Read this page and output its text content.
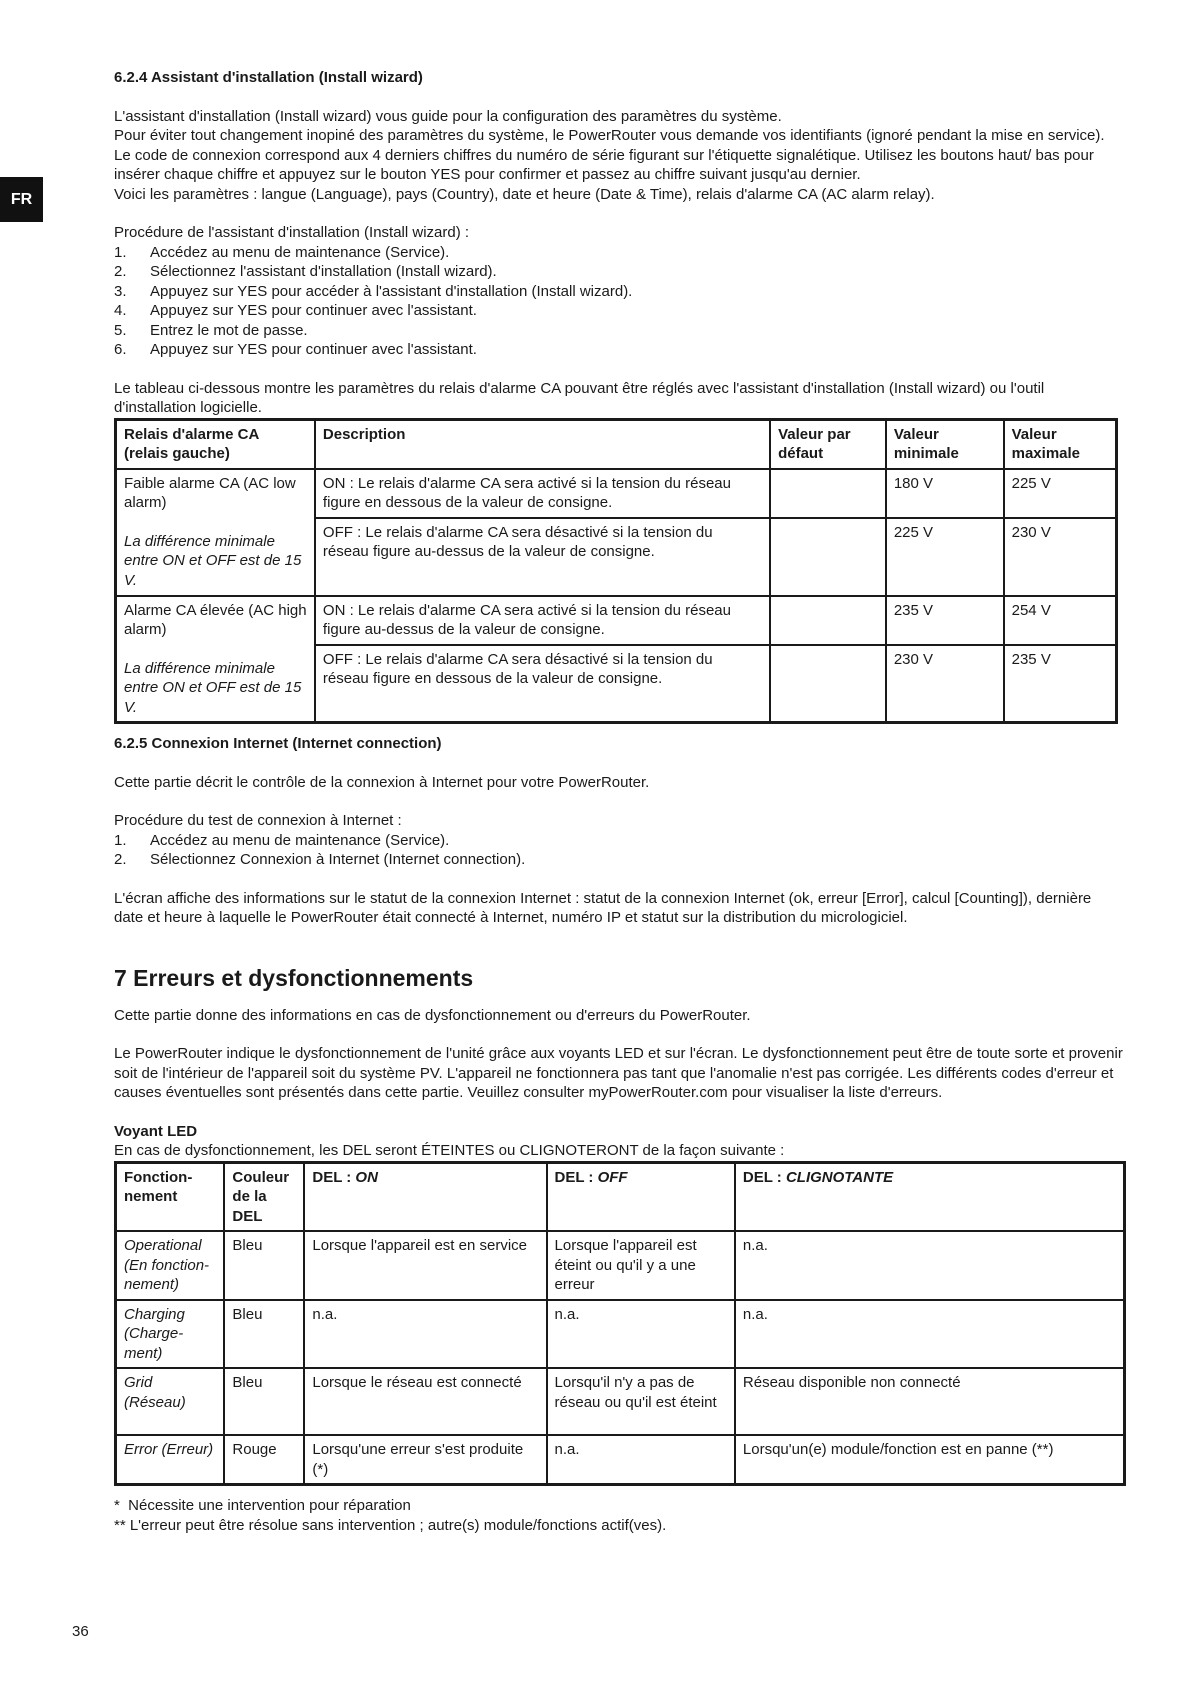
FR

6.2.4 Assistant d'installation (Install wizard)

L'assistant d'installation (Install wizard) vous guide pour la configuration des paramètres du système.

Pour éviter tout changement inopiné des paramètres du système, le PowerRouter vous demande vos identifiants (ignoré pendant la mise en service).

Le code de connexion correspond aux 4 derniers chiffres du numéro de série figurant sur l'étiquette signalétique. Utilisez les boutons haut/ bas pour insérer chaque chiffre et appuyez sur le bouton YES pour confirmer et passez au chiffre suivant jusqu'au dernier.

Voici les paramètres : langue (Language), pays (Country), date et heure (Date & Time), relais d'alarme CA (AC alarm relay).

Procédure de l'assistant d'installation (Install wizard) :

1.	Accédez au menu de maintenance (Service).
2.	Sélectionnez l'assistant d'installation (Install wizard).
3.	Appuyez sur YES pour accéder à l'assistant d'installation (Install wizard).
4.	Appuyez sur YES pour continuer avec l'assistant.
5.	Entrez le mot de passe.
6.	Appuyez sur YES pour continuer avec l'assistant.

Le tableau ci-dessous montre les paramètres du relais d'alarme CA pouvant être réglés avec l'assistant d'installation (Install wizard) ou l'outil d'installation logicielle.

Relais d'alarme CA (relais gauche)	Description	Valeur par défaut	Valeur minimale	Valeur maximale

Faible alarme CA (AC low alarm)
La différence minimale entre ON et OFF est de 15 V.	ON : Le relais d'alarme CA sera activé si la tension du réseau figure en dessous de la valeur de consigne.		180 V	225 V
	OFF : Le relais d'alarme CA sera désactivé si la tension du réseau figure au-dessus de la valeur de consigne.		225 V	230 V

Alarme CA élevée (AC high alarm)
La différence minimale entre ON et OFF est de 15 V.	ON : Le relais d'alarme CA sera activé si la tension du réseau figure au-dessus de la valeur de consigne.		235 V	254 V
	OFF : Le relais d'alarme CA sera désactivé si la tension du réseau figure en dessous de la valeur de consigne.		230 V	235 V

6.2.5 Connexion Internet (Internet connection)

Cette partie décrit le contrôle de la connexion à Internet pour votre PowerRouter.

Procédure du test de connexion à Internet :

1.	Accédez au menu de maintenance (Service).
2.	Sélectionnez Connexion à Internet (Internet connection).

L'écran affiche des informations sur le statut de la connexion Internet : statut de la connexion Internet (ok, erreur [Error], calcul [Counting]), dernière date et heure à laquelle le PowerRouter était connecté à Internet, numéro IP et statut sur la distribution du micrologiciel.

7 Erreurs et dysfonctionnements

Cette partie donne des informations en cas de dysfonctionnement ou d'erreurs du PowerRouter.

Le PowerRouter indique le dysfonctionnement de l'unité grâce aux voyants LED et sur l'écran. Le dysfonctionnement peut être de toute sorte et provenir soit de l'intérieur de l'appareil soit du système PV. L'appareil ne fonctionnera pas tant que l'anomalie n'est pas corrigée. Les différents codes d'erreur et causes éventuelles sont présentés dans cette partie. Veuillez consulter myPowerRouter.com pour visualiser la liste d'erreurs.

Voyant LED

En cas de dysfonctionnement, les DEL seront ÉTEINTES ou CLIGNOTERONT de la façon suivante :

Fonction-nement	Couleur de la DEL	DEL : ON	DEL : OFF	DEL : CLIGNOTANTE
Operational (En fonction-nement)	Bleu	Lorsque l'appareil est en service	Lorsque l'appareil est éteint ou qu'il y a une erreur	n.a.
Charging (Charge-ment)	Bleu	n.a.	n.a.	n.a.
Grid (Réseau)	Bleu	Lorsque le réseau est connecté	Lorsqu'il n'y a pas de réseau ou qu'il est éteint	Réseau disponible non connecté
Error (Erreur)	Rouge	Lorsqu'une erreur s'est produite (*)	n.a.	Lorsqu'un(e) module/fonction est en panne (**)

*  Nécessite une intervention pour réparation

** L'erreur peut être résolue sans intervention ; autre(s) module/fonctions actif(ves).

36
